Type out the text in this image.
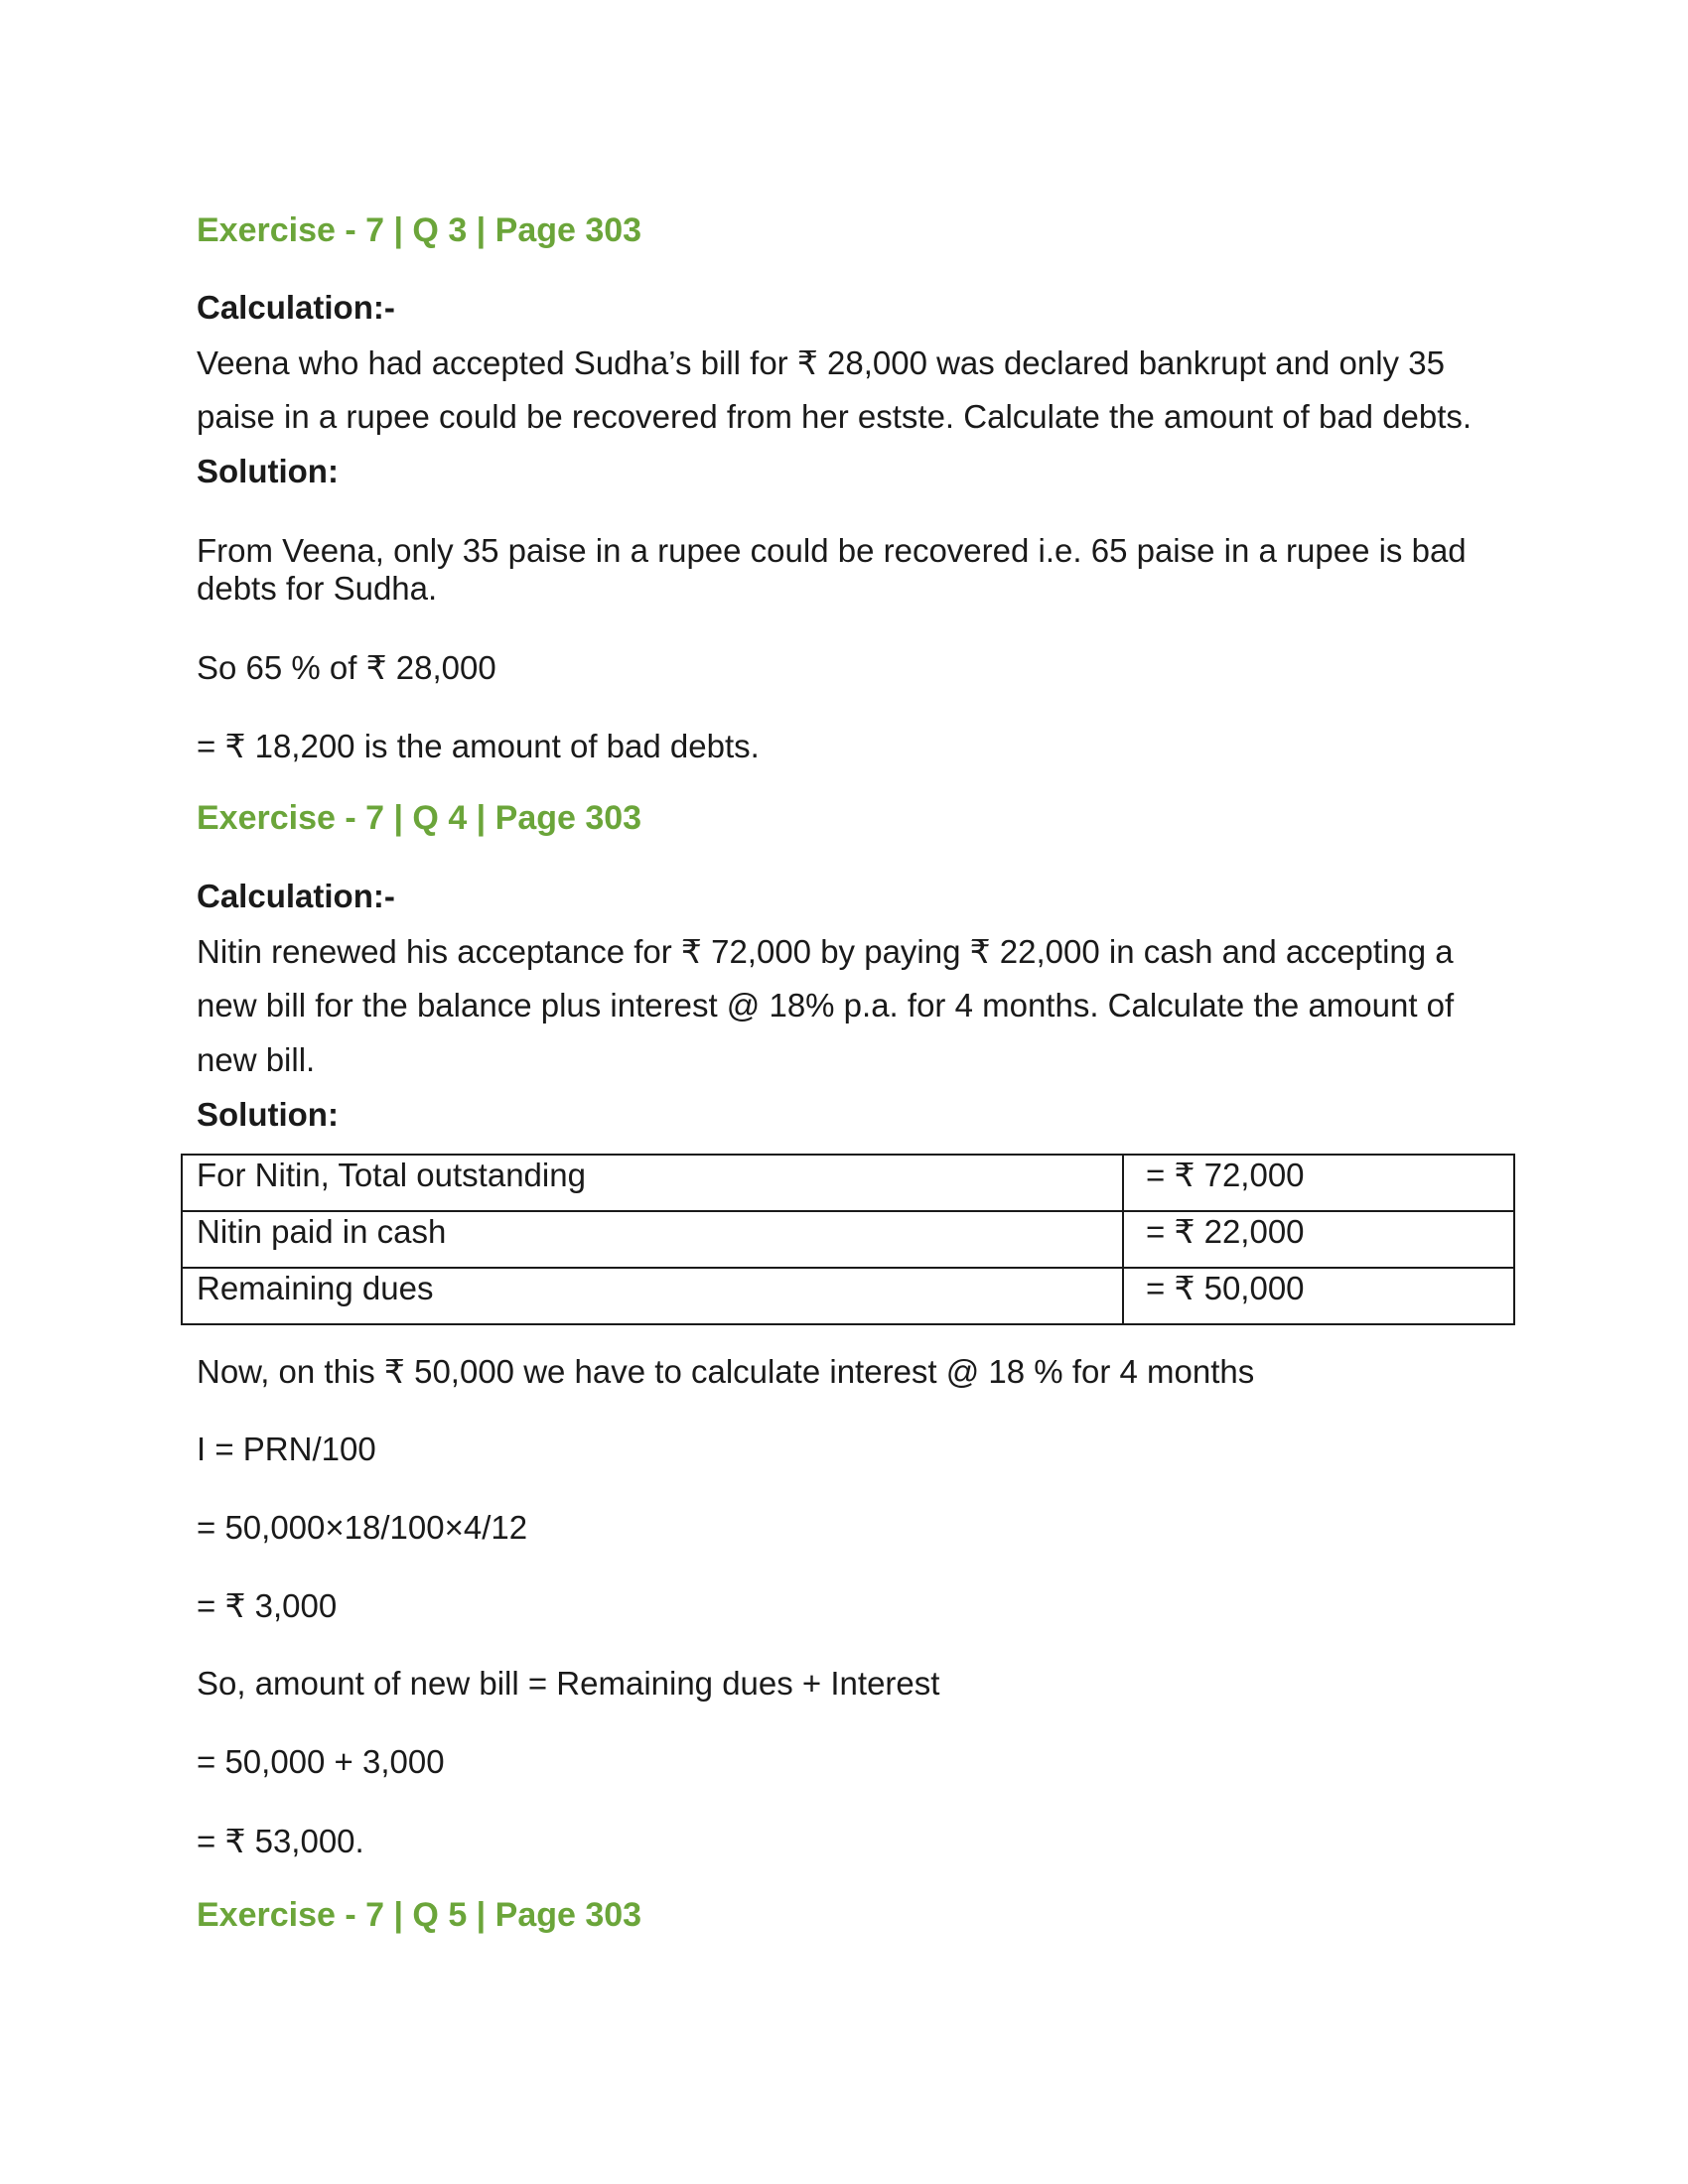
Exercise - 7 | Q 3 | Page 303
Calculation:-
Veena who had accepted Sudha’s bill for ₹ 28,000 was declared bankrupt and only 35
paise in a rupee could be recovered from her estste. Calculate the amount of bad debts.
Solution:
From Veena, only 35 paise in a rupee could be recovered i.e. 65 paise in a rupee is bad
debts for Sudha.
So 65 % of ₹ 28,000
= ₹ 18,200 is the amount of bad debts.
Exercise - 7 | Q 4 | Page 303
Calculation:-
Nitin renewed his acceptance for ₹ 72,000 by paying ₹ 22,000 in cash and accepting a
new bill for the balance plus interest @ 18% p.a. for 4 months. Calculate the amount of
new bill.
Solution:
For Nitin, Total outstanding	= ₹ 72,000
Nitin paid in cash	= ₹ 22,000
Remaining dues	= ₹ 50,000
Now, on this ₹ 50,000 we have to calculate interest @ 18 % for 4 months
I = PRN/100
= 50,000×18/100×4/12
= ₹ 3,000
So, amount of new bill = Remaining dues + Interest
= 50,000 + 3,000
= ₹ 53,000.
Exercise - 7 | Q 5 | Page 303
